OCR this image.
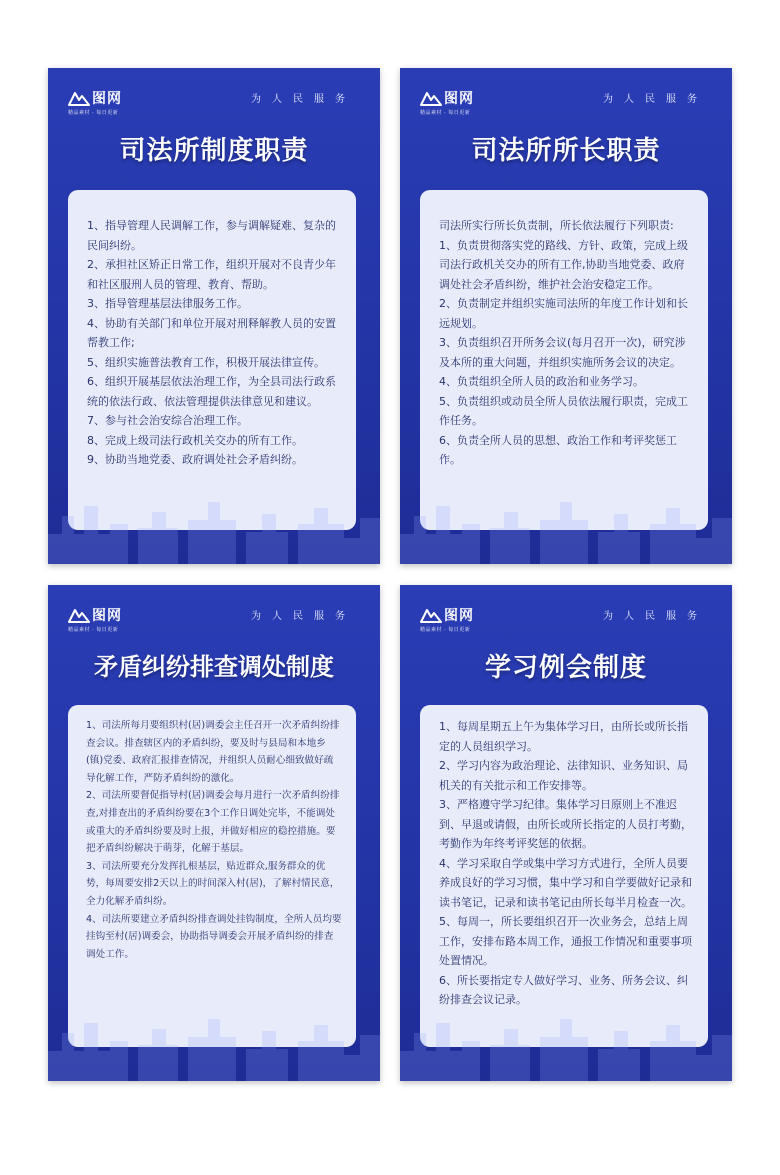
图网
精品素材 · 每日更新
为人民服务
司法所制度职责

1、指导管理人民调解工作，参与调解疑难、复杂的民间纠纷。

2、承担社区矫正日常工作，组织开展对不良青少年和社区服刑人员的管理、教育、帮助。

3、指导管理基层法律服务工作。

4、协助有关部门和单位开展对刑释解教人员的安置帮教工作;

5、组织实施普法教育工作，积极开展法律宣传。

6、组织开展基层依法治理工作，为全县司法行政系统的依法行政、依法管理提供法律意见和建议。

7、参与社会治安综合治理工作。

8、完成上级司法行政机关交办的所有工作。

9、协助当地党委、政府调处社会矛盾纠纷。

图网
精品素材 · 每日更新
为人民服务
司法所所长职责

司法所实行所长负责制，所长依法履行下列职责:

1、负责贯彻落实党的路线、方针、政策，完成上级司法行政机关交办的所有工作,协助当地党委、政府调处社会矛盾纠纷，维护社会治安稳定工作。

2、负责制定并组织实施司法所的年度工作计划和长远规划。

3、负责组织召开所务会议(每月召开一次)，研究涉及本所的重大问题，并组织实施所务会议的决定。

4、负责组织全所人员的政治和业务学习。

5、负责组织或动员全所人员依法履行职责，完成工作任务。

6、负责全所人员的思想、政治工作和考评奖惩工作。

图网
精品素材 · 每日更新
为人民服务
矛盾纠纷排查调处制度

1、司法所每月要组织村(居)调委会主任召开一次矛盾纠纷排查会议。排查辖区内的矛盾纠纷，要及时与县局和本地乡(镇)党委、政府汇报排查情况，并组织人员耐心细致做好疏导化解工作，严防矛盾纠纷的激化。

2、司法所要督促指导村(居)调委会每月进行一次矛盾纠纷排查,对排查出的矛盾纠纷要在3个工作日调处完毕，不能调处或重大的矛盾纠纷要及时上报，并做好相应的稳控措施。要把矛盾纠纷解决于萌芽，化解于基层。

3、司法所要充分发挥扎根基层，贴近群众,服务群众的优势，每周要安排2天以上的时间深入村(居)，了解村情民意，全力化解矛盾纠纷。

4、司法所要建立矛盾纠纷排查调处挂钩制度，全所人员均要挂钩至村(居)调委会，协助指导调委会开展矛盾纠纷的排查调处工作。

图网
精品素材 · 每日更新
为人民服务
学习例会制度

1、每周星期五上午为集体学习日，由所长或所长指定的人员组织学习。

2、学习内容为政治理论、法律知识、业务知识、局机关的有关批示和工作安排等。

3、严格遵守学习纪律。集体学习日原则上不准迟到、早退或请假，由所长或所长指定的人员打考勤，考勤作为年终考评奖惩的依据。

4、学习采取自学或集中学习方式进行，全所人员要养成良好的学习习惯，集中学习和自学要做好记录和读书笔记，记录和读书笔记由所长每半月检查一次。

5、每周一，所长要组织召开一次业务会，总结上周工作，安排布路本周工作，通报工作情况和重要事项处置情况。

6、所长要指定专人做好学习、业务、所务会议、纠纷排查会议记录。
